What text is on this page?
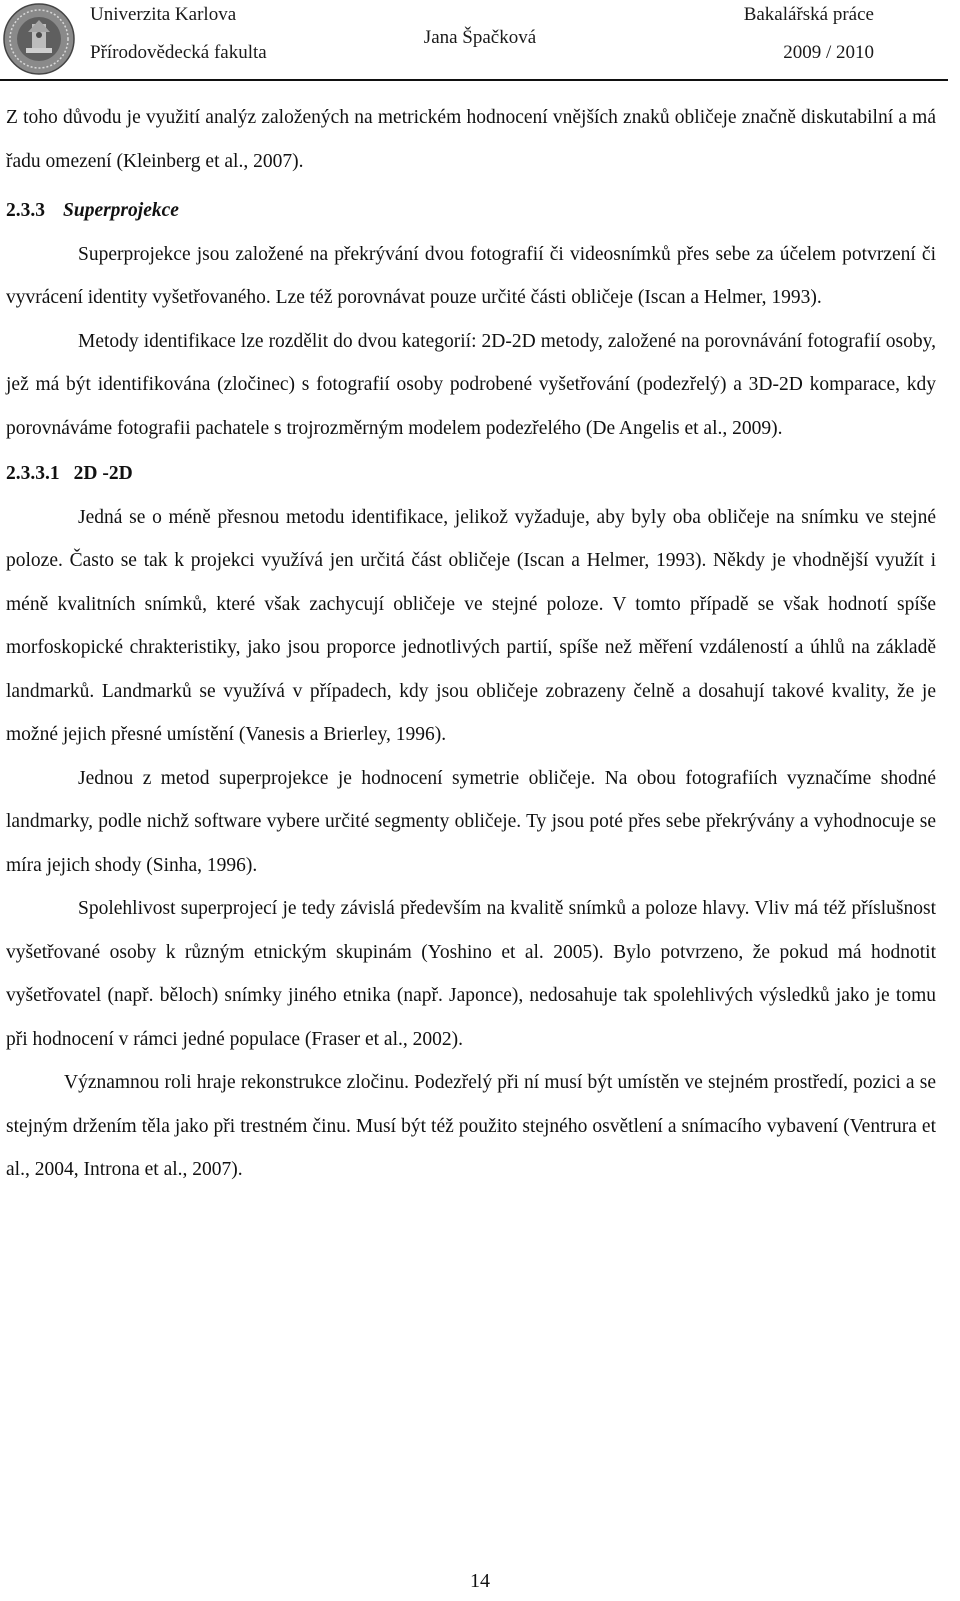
Univerzita Karlova
Přírodovědecká fakulta
Jana Špačková
Bakalářská práce
2009 / 2010

Z toho důvodu je využití analýz založených na metrickém hodnocení vnějších znaků obličeje značně diskutabilní a má řadu omezení (Kleinberg et al., 2007).

2.3.3 Superprojekce

Superprojekce jsou založené na překrývání dvou fotografií či videosnímků přes sebe za účelem potvrzení či vyvrácení identity vyšetřovaného. Lze též porovnávat pouze určité části obličeje (Iscan a Helmer, 1993).

Metody identifikace lze rozdělit do dvou kategorií: 2D-2D metody, založené na porovnávání fotografií osoby, jež má být identifikována (zločinec) s fotografií osoby podrobené vyšetřování (podezřelý) a 3D-2D komparace, kdy porovnáváme fotografii pachatele s trojrozměrným modelem podezřelého (De Angelis et al., 2009).

2.3.3.1 2D -2D

Jedná se o méně přesnou metodu identifikace, jelikož vyžaduje, aby byly oba obličeje na snímku ve stejné poloze. Často se tak k projekci využívá jen určitá část obličeje (Iscan a Helmer, 1993). Někdy je vhodnější využít i méně kvalitních snímků, které však zachycují obličeje ve stejné poloze. V tomto případě se však hodnotí spíše morfoskopické chrakteristiky, jako jsou proporce jednotlivých partií, spíše než měření vzdáleností a úhlů na základě landmarků. Landmarků se využívá v případech, kdy jsou obličeje zobrazeny čelně a dosahují takové kvality, že je možné jejich přesné umístění (Vanesis a Brierley, 1996).

Jednou z metod superprojekce je hodnocení symetrie obličeje. Na obou fotografiích vyznačíme shodné landmarky, podle nichž software vybere určité segmenty obličeje. Ty jsou poté přes sebe překrývány a vyhodnocuje se míra jejich shody (Sinha, 1996).

Spolehlivost superprojecí je tedy závislá především na kvalitě snímků a poloze hlavy. Vliv má též příslušnost vyšetřované osoby k různým etnickým skupinám (Yoshino et al. 2005). Bylo potvrzeno, že pokud má hodnotit vyšetřovatel (např. běloch) snímky jiného etnika (např. Japonce), nedosahuje tak spolehlivých výsledků jako je tomu při hodnocení v rámci jedné populace (Fraser et al., 2002).

Významnou roli hraje rekonstrukce zločinu. Podezřelý při ní musí být umístěn ve stejném prostředí, pozici a se stejným držením těla jako při trestném činu. Musí být též použito stejného osvětlení a snímacího vybavení (Ventrura et al., 2004, Introna et al., 2007).

14
